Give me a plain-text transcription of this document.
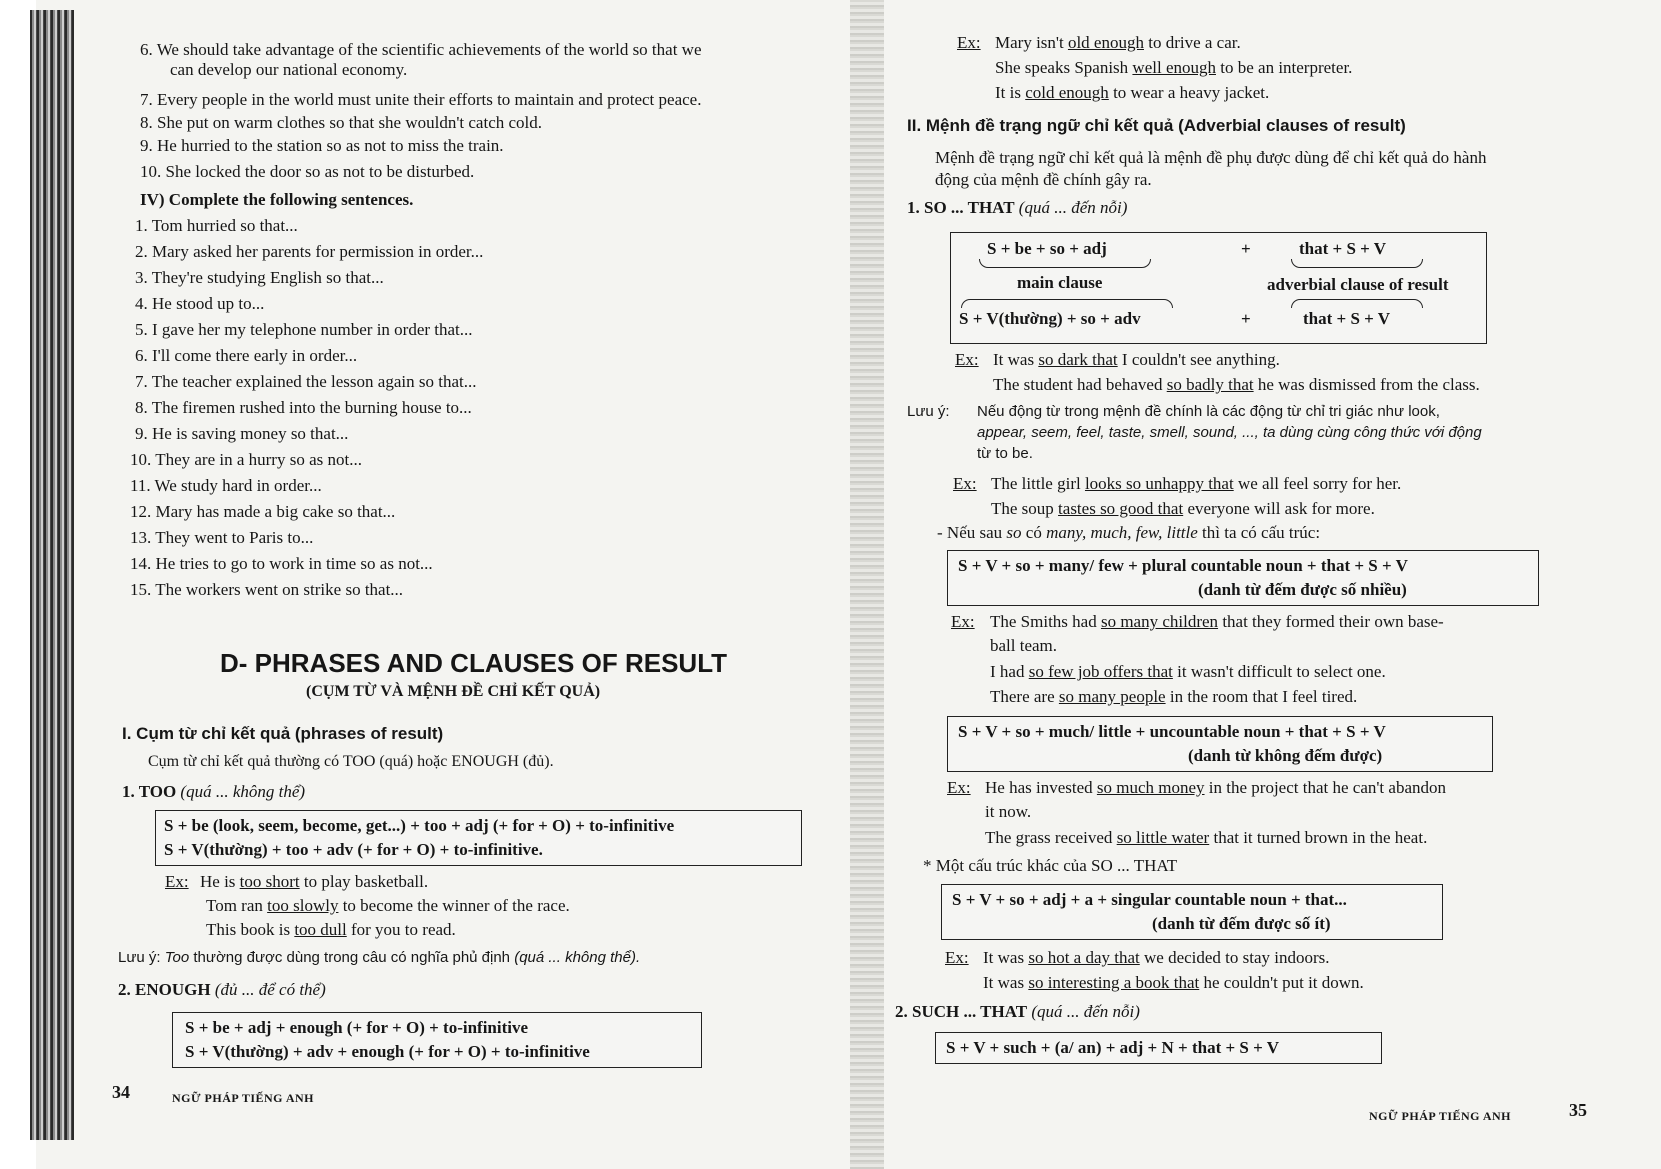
6. We should take advantage of the scientific achievements of the world so that we
can develop our national economy.
7. Every people in the world must unite their efforts to maintain and protect peace.
8. She put on warm clothes so that she wouldn't catch cold.
9. He hurried to the station so as not to miss the train.
10. She locked the door so as not to be disturbed.
IV) Complete the following sentences.
1. Tom hurried so that...
2. Mary asked her parents for permission in order...
3. They're studying English so that...
4. He stood up to...
5. I gave her my telephone number in order that...
6. I'll come there early in order...
7. The teacher explained the lesson again so that...
8. The firemen rushed into the burning house to...
9. He is saving money so that...
10. They are in a hurry so as not...
11. We study hard in order...
12. Mary has made a big cake so that...
13. They went to Paris to...
14. He tries to go to work in time so as not...
15. The workers went on strike so that...
D- PHRASES AND CLAUSES OF RESULT
(CỤM TỪ VÀ MỆNH ĐỀ CHỈ KẾT QUẢ)
I. Cụm từ chỉ kết quả (phrases of result)
Cụm từ chỉ kết quả thường có TOO (quá) hoặc ENOUGH (đủ).
1. TOO (quá ... không thể)
S + be (look, seem, become, get...) + too + adj (+ for + O) + to-infinitive
S + V(thường) + too + adv (+ for + O) + to-infinitive.
Ex: He is too short to play basketball.
Tom ran too slowly to become the winner of the race.
This book is too dull for you to read.
Lưu ý: Too thường được dùng trong câu có nghĩa phủ định (quá ... không thể).
2. ENOUGH (đủ ... để có thể)
S + be + adj + enough (+ for + O) + to-infinitive
S + V(thường) + adv + enough (+ for + O) + to-infinitive
34	NGỮ PHÁP TIẾNG ANH
Ex: Mary isn't old enough to drive a car.
She speaks Spanish well enough to be an interpreter.
It is cold enough to wear a heavy jacket.
II. Mệnh đề trạng ngữ chỉ kết quả (Adverbial clauses of result)
Mệnh đề trạng ngữ chỉ kết quả là mệnh đề phụ được dùng để chỉ kết quả do hành
động của mệnh đề chính gây ra.
1. SO ... THAT (quá ... đến nỗi)
S + be + so + adj	+	that + S + V
main clause	adverbial clause of result
S + V(thường) + so + adv	+	that + S + V
Ex: It was so dark that I couldn't see anything.
The student had behaved so badly that he was dismissed from the class.
Lưu ý: Nếu động từ trong mệnh đề chính là các động từ chỉ tri giác như look,
appear, seem, feel, taste, smell, sound, ..., ta dùng cùng công thức với động
từ to be.
Ex: The little girl looks so unhappy that we all feel sorry for her.
The soup tastes so good that everyone will ask for more.
- Nếu sau so có many, much, few, little thì ta có cấu trúc:
S + V + so + many/ few + plural countable noun + that + S + V
(danh từ đếm được số nhiều)
Ex: The Smiths had so many children that they formed their own base-
ball team.
I had so few job offers that it wasn't difficult to select one.
There are so many people in the room that I feel tired.
S + V + so + much/ little + uncountable noun + that + S + V
(danh từ không đếm được)
Ex: He has invested so much money in the project that he can't abandon
it now.
The grass received so little water that it turned brown in the heat.
* Một cấu trúc khác của SO ... THAT
S + V + so + adj + a + singular countable noun + that...
(danh từ đếm được số ít)
Ex: It was so hot a day that we decided to stay indoors.
It was so interesting a book that he couldn't put it down.
2. SUCH ... THAT (quá ... đến nỗi)
S + V + such + (a/ an) + adj + N + that + S + V
NGỮ PHÁP TIẾNG ANH	35
